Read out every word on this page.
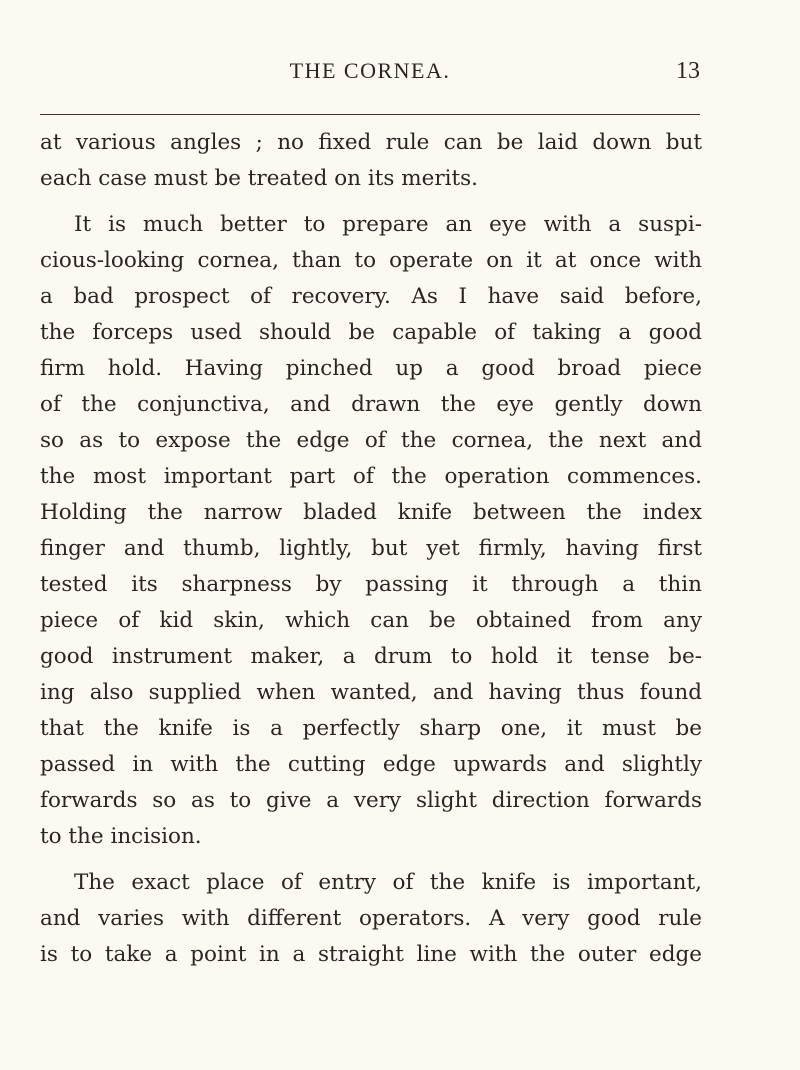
THE CORNEA.	13

at various angles ; no fixed rule can be laid down but
each case must be treated on its merits.

It is much better to prepare an eye with a suspi-
cious-looking cornea, than to operate on it at once with
a bad prospect of recovery. As I have said before,
the forceps used should be capable of taking a good
firm hold. Having pinched up a good broad piece
of the conjunctiva, and drawn the eye gently down
so as to expose the edge of the cornea, the next and
the most important part of the operation commences.
Holding the narrow bladed knife between the index
finger and thumb, lightly, but yet firmly, having first
tested its sharpness by passing it through a thin
piece of kid skin, which can be obtained from any
good instrument maker, a drum to hold it tense be-
ing also supplied when wanted, and having thus found
that the knife is a perfectly sharp one, it must be
passed in with the cutting edge upwards and slightly
forwards so as to give a very slight direction forwards
to the incision.

The exact place of entry of the knife is important,
and varies with different operators. A very good rule
is to take a point in a straight line with the outer edge
